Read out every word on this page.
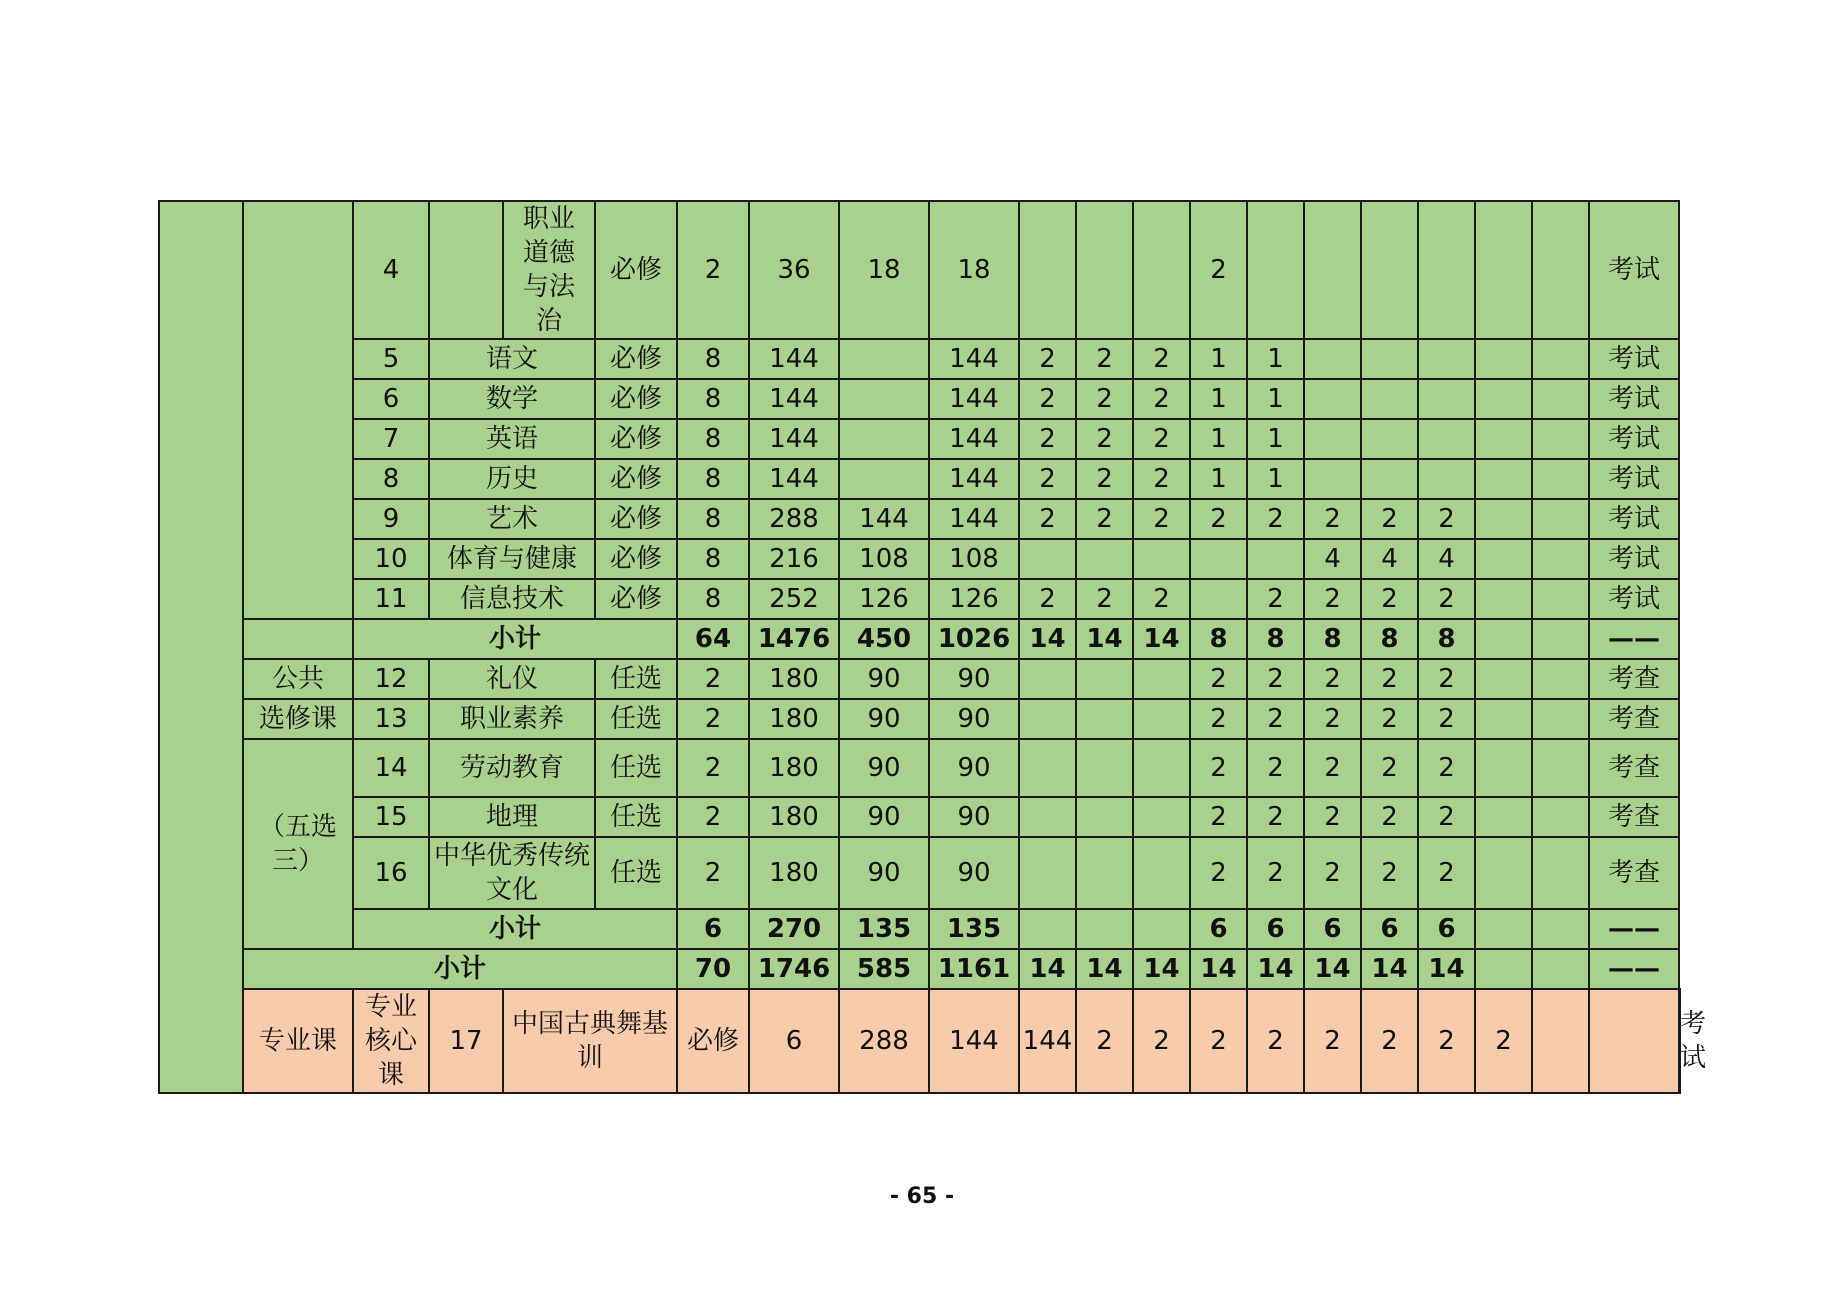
		4		职业道德与法治	必修	2	36	18	18				2							考试	
		5	语文		必修	8	144		144	2	2	2	1	1						考试	
		6	数学		必修	8	144		144	2	2	2	1	1						考试	
		7	英语		必修	8	144		144	2	2	2	1	1						考试	
		8	历史		必修	8	144		144	2	2	2	1	1						考试	
		9	艺术		必修	8	288	144	144	2	2	2	2	2	2	2	2			考试	
		10	体育与健康		必修	8	216	108	108						4	4	4			考试	
		11	信息技术		必修	8	252	126	126	2	2	2		2	2	2	2			考试	
		小计				64	1476	450	1026	14	14	14	8	8	8	8	8			——	
	公共	12	礼仪		任选	2	180	90	90				2	2	2	2	2			考查	
	选修课	13	职业素养		任选	2	180	90	90				2	2	2	2	2			考查	
	（五选三）	14	劳动教育		任选	2	180	90	90				2	2	2	2	2			考查	
		15	地理		任选	2	180	90	90				2	2	2	2	2			考查	
		16	中华优秀传统文化		任选	2	180	90	90				2	2	2	2	2			考查	
		小计				6	270	135	135				6	6	6	6	6			——	
	小计					70	1746	585	1161	14	14	14	14	14	14	14	14			——	
	专业课	专业核心课	17	中国古典舞基训		必修	6	288	144	144	2	2	2	2	2	2	2	2			考试
- 65 -
